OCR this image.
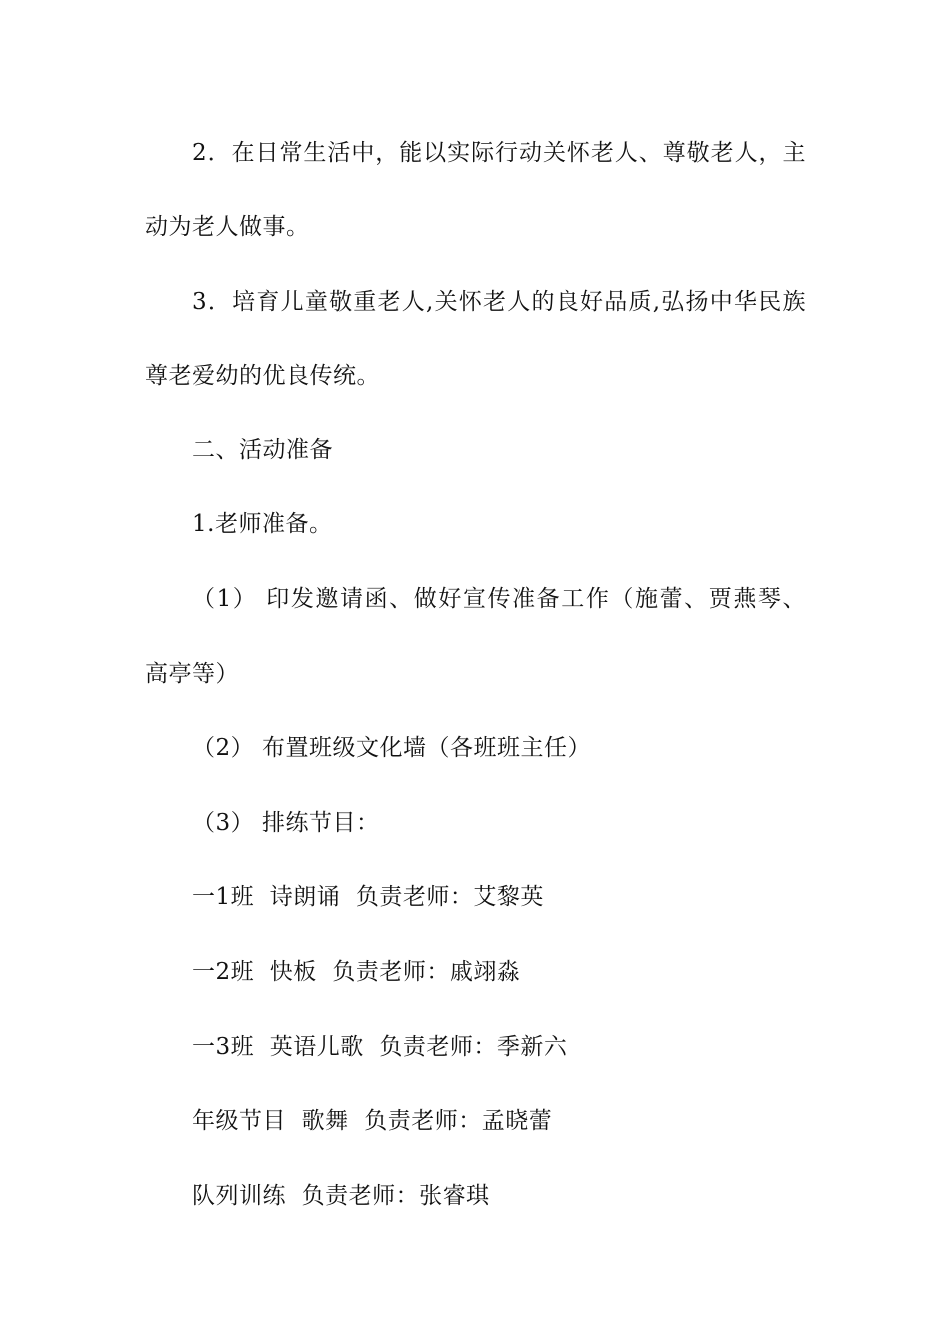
2．在日常生活中，能以实际行动关怀老人、尊敬老人，主
动为老人做事。
3．培育儿童敬重老人,关怀老人的良好品质,弘扬中华民族
尊老爱幼的优良传统。
二、活动准备
1.老师准备。
（1） 印发邀请函、做好宣传准备工作（施蕾、贾燕琴、
高亭等）
（2） 布置班级文化墙（各班班主任）
（3） 排练节目：
一1班  诗朗诵  负责老师：艾黎英
一2班  快板  负责老师：戚翊淼
一3班  英语儿歌  负责老师：季新六
年级节目  歌舞  负责老师：孟晓蕾
队列训练  负责老师：张睿琪
